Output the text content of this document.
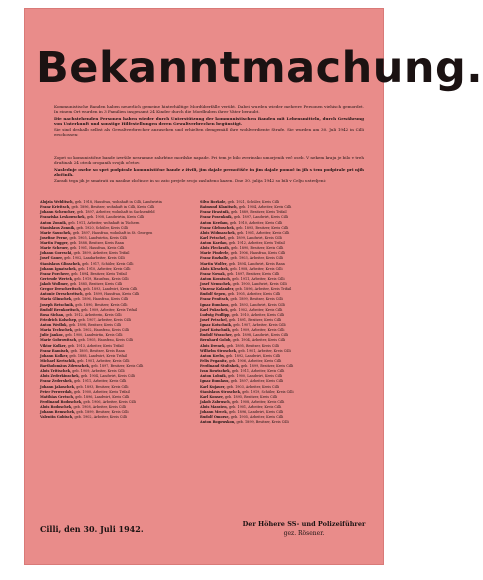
Bekanntmachung.

Kommunistische Banden haben neuerlich gemeine hinterhältige Mordüberfälle verübt. Dabei wurden wieder mehrere Personen viehisch gemordet. In einem Ort wurden in 3 Familien insgesamt 24 Kinder durch die Mordbuben ihrer Väter beraubt.

Die nachstehenden Personen haben wieder durch Unterstützung der kommunistischen Banden mit Lebensmitteln, durch Gewährung von Unterkunft und sonstige Hilfestellungen deren Gewaltverbrechen begünstigt.

Sie sind deshalb selbst als Gewaltverbrecher anzusehen und erhielten demgemäß ihre wohlverdiente Strafe. Sie wurden am 30. Juli 1942 in Cilli erschossen:

Zopet so komunistične bande izvršile nesramne zahrbtne morilske napade. Pri tem je bilo zverinsko umorjenih več oseb. V nekem kraju je bilo v treh družinah 24 otrok oropanih svojih očetov.

Naslednje osebe so spet podpirale komunistične bande z živili, jim dajale prenočišče in jim dajale pomoč in jih s tem podpirale pri njih zločinih.

Zaradi tega jih je smatrati za nasilne zločince in so zato prejele svojo zasluženo kazen. Dne 30. julija 1942 so bili v Celju ustreljeni:

Alojzia Weblitsch, geb. 1918, Hausfrau, wohnhaft in Cilli, Landwirtin
Franz Krivitsch, geb. 1896, Besitzer, wohnhaft in Cilli, Kreis Cilli
Johann Scheucher, geb. 1897, Arbeiter, wohnhaft in Sachsenfeld
Franziska Leskowschek, geb. 1908, Landwirtin, Kreis Cilli
Anton Zonnik, geb. 1911, Arbeiter, wohnhaft in Tüchern
Stanislaus Zonnik, geb. 1920, Schüler, Kreis Cilli
Marie Sauschek, geb. 1897, Hausfrau, wohnhaft in St. Georgen
Josefine Perne, geb. 1905, Landwirtin, Kreis Cilli
Martin Fugger, geb. 1888, Besitzer, Kreis Rann
Marie Scheuer, geb. 1901, Hausfrau, Kreis Cilli
Johann Gorescki, geb. 1899, Arbeiter, Kreis Trifail
Josef Gauer, geb. 1902, Landarbeiter, Kreis Cilli
Stanislaus Glinschek, geb. 1917, Schüler, Kreis Cilli
Johann Ignatschek, geb. 1910, Arbeiter, Kreis Cilli
Franz Porcheer, geb. 1894, Besitzer, Kreis Trifail
Gertrude Wertek, geb. 1919, Hausfrau, Kreis Cilli
Jakob Wollmer, geb. 1885, Besitzer, Kreis Cilli
Gregor Drescheritsch, geb. 1893, Landwirt, Kreis Cilli
Antonie Drescheritsch, geb. 1899, Hausfrau, Kreis Cilli
Maria Glinschek, geb. 1896, Hausfrau, Kreis Cilli
Joseph Retschnik, geb. 1890, Besitzer, Kreis Cilli
Rudolf Brenkoritsch, geb. 1909, Arbeiter, Kreis Trifail
Rosa Sichan, geb. 1912, Arbeiterin, Kreis Cilli
Friedrich Kolschep, geb. 1907, Arbeiter, Kreis Cilli
Anton Wedlok, geb. 1898, Besitzer, Kreis Cilli
Maria Techschek, geb. 1902, Hausfrau, Kreis Cilli
Julie Jankoc, geb. 1900, Landwirtin, Kreis Cilli
Marie Gobrowitsch, geb. 1905, Hausfrau, Kreis Cilli
Viktor Kolker, geb. 1913, Arbeiter, Kreis Trifail
Franz Ramisch, geb. 1895, Besitzer, Kreis Rann
Johann Kolker, geb. 1888, Landwirt, Kreis Trifail
Michael Kertschik, geb. 1901, Arbeiter, Kreis Cilli
Bartholomäus Zdewschek, geb. 1897, Besitzer, Kreis Cilli
Alois Trittschek, geb. 1909, Arbeiter, Kreis Cilli
Alois Zederkinschek, geb. 1904, Landwirt, Kreis Cilli
Franz Zedershek, geb. 1911, Arbeiter, Kreis Cilli
Johann Jakoschek, geb. 1893, Besitzer, Kreis Cilli
Peter Perwerdah, geb. 1900, Arbeiter, Kreis Trifail
Matthias Gretsch, geb. 1896, Landwirt, Kreis Cilli
Ferdinand Rodoschek, geb. 1906, Arbeiter, Kreis Cilli
Alois Rodoschek, geb. 1908, Arbeiter, Kreis Cilli
Johann Remschek, geb. 1899, Besitzer, Kreis Cilli
Valentin Gobisch, geb. 1902, Arbeiter, Kreis Cilli
Silvo Borkole, geb. 1921, Schüler, Kreis Cilli
Raimund Klanitsch, geb. 1904, Arbeiter, Kreis Cilli
Franz Hrastnik, geb. 1889, Besitzer, Kreis Trifail
Franz Posenknik, geb. 1897, Landwirt, Kreis Cilli
Anton Kerdam, geb. 1910, Arbeiter, Kreis Cilli
Franz Gleboschek, geb. 1895, Besitzer, Kreis Cilli
Alois Widmaschek, geb. 1901, Arbeiter, Kreis Cilli
Karl Petschel, geb. 1899, Landwirt, Kreis Cilli
Anton Kardan, geb. 1912, Arbeiter, Kreis Trifail
Alois Fleckrath, geb. 1890, Besitzer, Kreis Cilli
Marie Pinderle, geb. 1906, Hausfrau, Kreis Cilli
Franz Rozballe, geb. 1903, Arbeiter, Kreis Cilli
Martin Wolfer, geb. 1894, Landwirt, Kreis Rann
Alois Kleschek, geb. 1908, Arbeiter, Kreis Cilli
Franz Nowak, geb. 1897, Besitzer, Kreis Cilli
Anton Kovatsch, geb. 1911, Arbeiter, Kreis Cilli
Josef Nemschek, geb. 1900, Landwirt, Kreis Cilli
Vinzenz Kolander, geb. 1896, Arbeiter, Kreis Trifail
Rudolf Sepen, geb. 1905, Arbeiter, Kreis Cilli
Franz Penitsch, geb. 1899, Besitzer, Kreis Cilli
Ignaz Rumlaus, geb. 1893, Landwirt, Kreis Cilli
Karl Pukschek, geb. 1902, Arbeiter, Kreis Cilli
Ludwig Podlipp, geb. 1910, Arbeiter, Kreis Cilli
Josef Petschel, geb. 1891, Besitzer, Kreis Cilli
Ignaz Kotschnik, geb. 1907, Arbeiter, Kreis Cilli
Josef Kotschnik, geb. 1909, Arbeiter, Kreis Cilli
Rudolf Wrascher, geb. 1898, Landwirt, Kreis Cilli
Bernhard Golob, geb. 1904, Arbeiter, Kreis Cilli
Alois Drenek, geb. 1895, Besitzer, Kreis Cilli
Wilhelm Stroschek, geb. 1901, Arbeiter, Kreis Cilli
Anton Krebs, geb. 1892, Landwirt, Kreis Cilli
Felix Peganitz, geb. 1906, Arbeiter, Kreis Cilli
Ferdinand Stultshek, geb. 1899, Besitzer, Kreis Cilli
Ivan Rowischek, geb. 1911, Arbeiter, Kreis Cilli
Anton Lobnik, geb. 1900, Landwirt, Kreis Cilli
Ignaz Rumlaus, geb. 1897, Arbeiter, Kreis Cilli
Karl Kujauer, geb. 1903, Arbeiter, Kreis Cilli
Stanislaus Stroschek, geb. 1919, Schüler, Kreis Cilli
Karl Konser, geb. 1895, Besitzer, Kreis Cilli
Jakob Zabrusch, geb. 1908, Arbeiter, Kreis Cilli
Alois Maraten, geb. 1901, Arbeiter, Kreis Cilli
Johann Mrcek, geb. 1896, Landwirt, Kreis Cilli
Rudolf Omorse, geb. 1905, Arbeiter, Kreis Cilli
Anton Bogowskon, geb. 1899, Besitzer, Kreis Cilli
Cilli, den 30. Juli 1942.	Der Höhere SS- und Polizeiführer
gez. Rösener.
